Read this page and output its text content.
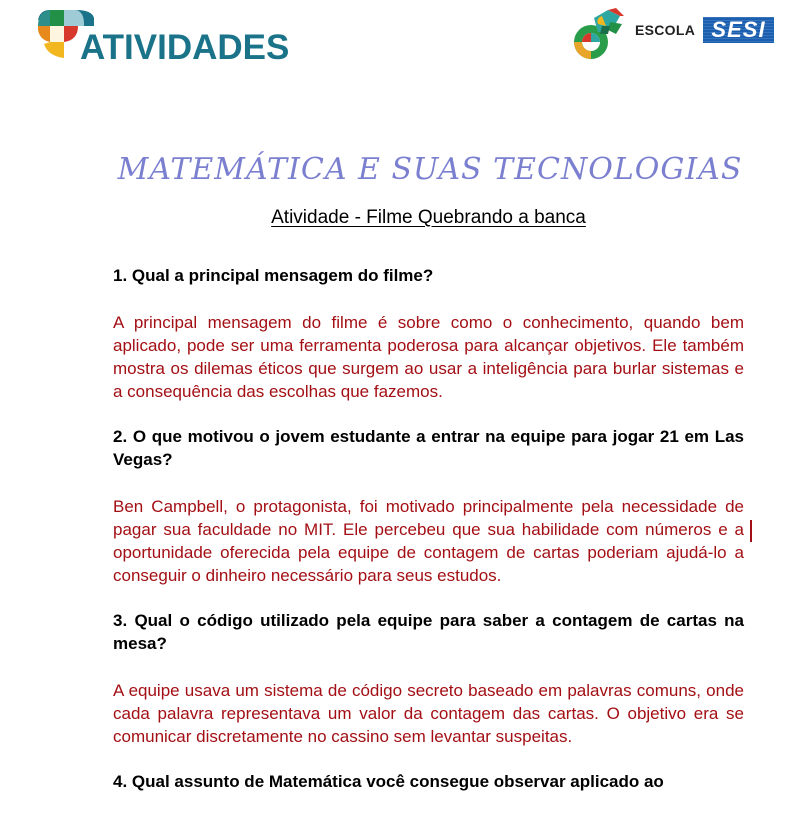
ATIVIDADES	ESCOLA SESI
MATEMÁTICA E SUAS TECNOLOGIAS
Atividade - Filme Quebrando a banca

1. Qual a principal mensagem do filme?

A principal mensagem do filme é sobre como o conhecimento, quando bem aplicado, pode ser uma ferramenta poderosa para alcançar objetivos. Ele também mostra os dilemas éticos que surgem ao usar a inteligência para burlar sistemas e a consequência das escolhas que fazemos.

2. O que motivou o jovem estudante a entrar na equipe para jogar 21 em Las Vegas?

Ben Campbell, o protagonista, foi motivado principalmente pela necessidade de pagar sua faculdade no MIT. Ele percebeu que sua habilidade com números e a oportunidade oferecida pela equipe de contagem de cartas poderiam ajudá-lo a conseguir o dinheiro necessário para seus estudos.

3. Qual o código utilizado pela equipe para saber a contagem de cartas na mesa?

A equipe usava um sistema de código secreto baseado em palavras comuns, onde cada palavra representava um valor da contagem das cartas. O objetivo era se comunicar discretamente no cassino sem levantar suspeitas.

4. Qual assunto de Matemática você consegue observar aplicado ao
